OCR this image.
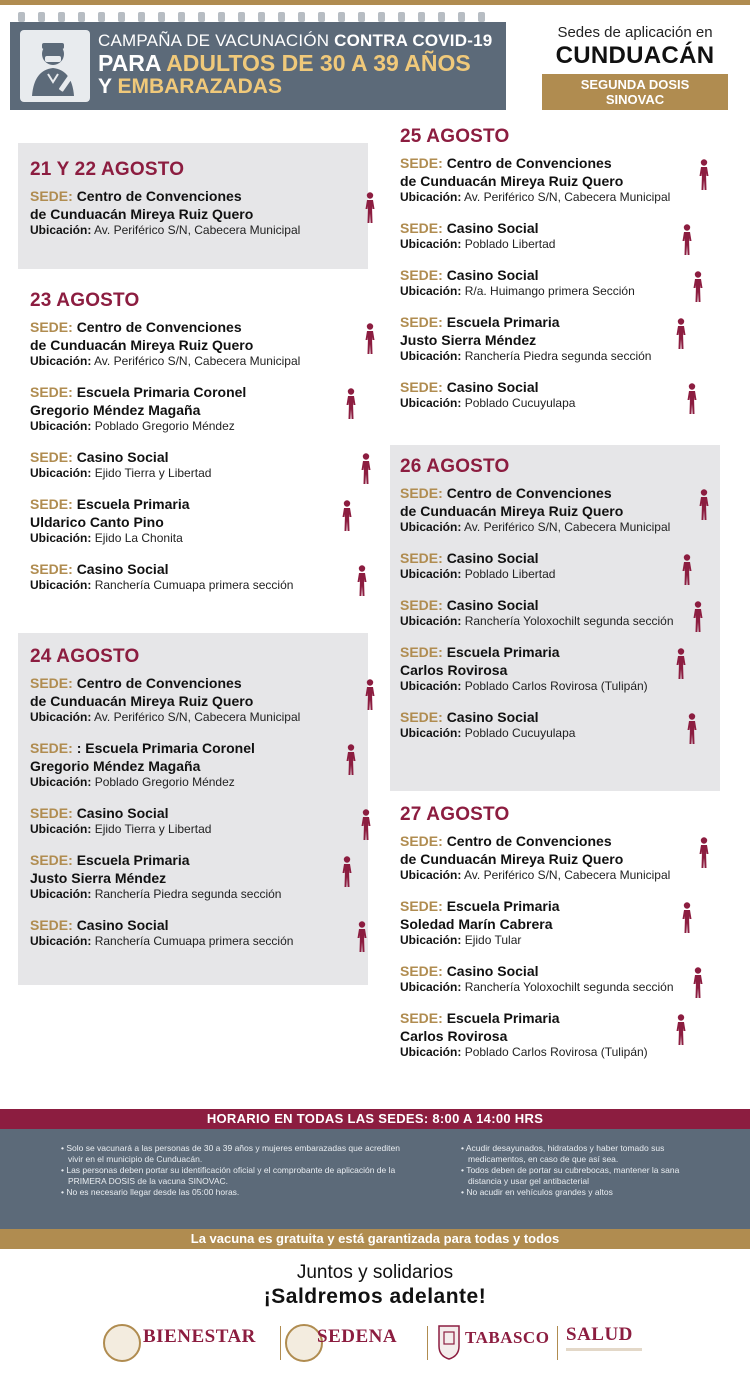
CAMPAÑA DE VACUNACIÓN CONTRA COVID-19
PARA ADULTOS DE 30 A 39 AÑOS
Y EMBARAZADAS
Sedes de aplicación en
CUNDUACÁN
SEGUNDA DOSIS
SINOVAC
21 Y 22 AGOSTO
SEDE: Centro de Convenciones
de Cunduacán Mireya Ruiz Quero
Ubicación: Av. Periférico S/N, Cabecera Municipal
23 AGOSTO
SEDE: Centro de Convenciones
de Cunduacán Mireya Ruiz Quero
Ubicación: Av. Periférico S/N, Cabecera Municipal
SEDE: Escuela Primaria Coronel
Gregorio Méndez Magaña
Ubicación: Poblado Gregorio Méndez
SEDE: Casino Social
Ubicación: Ejido Tierra y Libertad
SEDE: Escuela Primaria
Uldarico Canto Pino
Ubicación: Ejido La Chonita
SEDE: Casino Social
Ubicación: Ranchería Cumuapa primera sección
24 AGOSTO
SEDE: Centro de Convenciones
de Cunduacán Mireya Ruiz Quero
Ubicación: Av. Periférico S/N, Cabecera Municipal
SEDE: : Escuela Primaria Coronel
Gregorio Méndez Magaña
Ubicación: Poblado Gregorio Méndez
SEDE: Casino Social
Ubicación: Ejido Tierra y Libertad
SEDE: Escuela Primaria
Justo Sierra Méndez
Ubicación: Ranchería Piedra segunda sección
SEDE: Casino Social
Ubicación: Ranchería Cumuapa primera sección
25 AGOSTO
SEDE: Centro de Convenciones
de Cunduacán Mireya Ruiz Quero
Ubicación: Av. Periférico S/N, Cabecera Municipal
SEDE: Casino Social
Ubicación: Poblado Libertad
SEDE: Casino Social
Ubicación: R/a. Huimango primera Sección
SEDE: Escuela Primaria
Justo Sierra Méndez
Ubicación: Ranchería Piedra segunda sección
SEDE: Casino Social
Ubicación: Poblado Cucuyulapa
26 AGOSTO
SEDE: Centro de Convenciones
de Cunduacán Mireya Ruiz Quero
Ubicación: Av. Periférico S/N, Cabecera Municipal
SEDE: Casino Social
Ubicación: Poblado Libertad
SEDE: Casino Social
Ubicación: Ranchería Yoloxochilt segunda sección
SEDE: Escuela Primaria
Carlos Rovirosa
Ubicación: Poblado Carlos Rovirosa (Tulipán)
SEDE: Casino Social
Ubicación: Poblado Cucuyulapa
27 AGOSTO
SEDE: Centro de Convenciones
de Cunduacán Mireya Ruiz Quero
Ubicación: Av. Periférico S/N, Cabecera Municipal
SEDE: Escuela Primaria
Soledad Marín Cabrera
Ubicación: Ejido Tular
SEDE: Casino Social
Ubicación: Ranchería Yoloxochilt segunda sección
SEDE: Escuela Primaria
Carlos Rovirosa
Ubicación: Poblado Carlos Rovirosa (Tulipán)
HORARIO EN TODAS LAS SEDES: 8:00 A 14:00 HRS
• Solo se vacunará a las personas de 30 a 39 años y mujeres embarazadas que acrediten vivir en el municipio de Cunduacán.
• Las personas deben portar su identificación oficial y el comprobante de aplicación de la PRIMERA DOSIS de la vacuna SINOVAC.
• No es necesario llegar desde las 05:00 horas.
• Acudir desayunados, hidratados y haber tomado sus medicamentos, en caso de que así sea.
• Todos deben de portar su cubrebocas, mantener la sana distancia y usar gel antibacterial
• No acudir en vehículos grandes y altos
La vacuna es gratuita y está garantizada para todas y todos
Juntos y solidarios
¡Saldremos adelante!
BIENESTAR	SEDENA	TABASCO SALUD
